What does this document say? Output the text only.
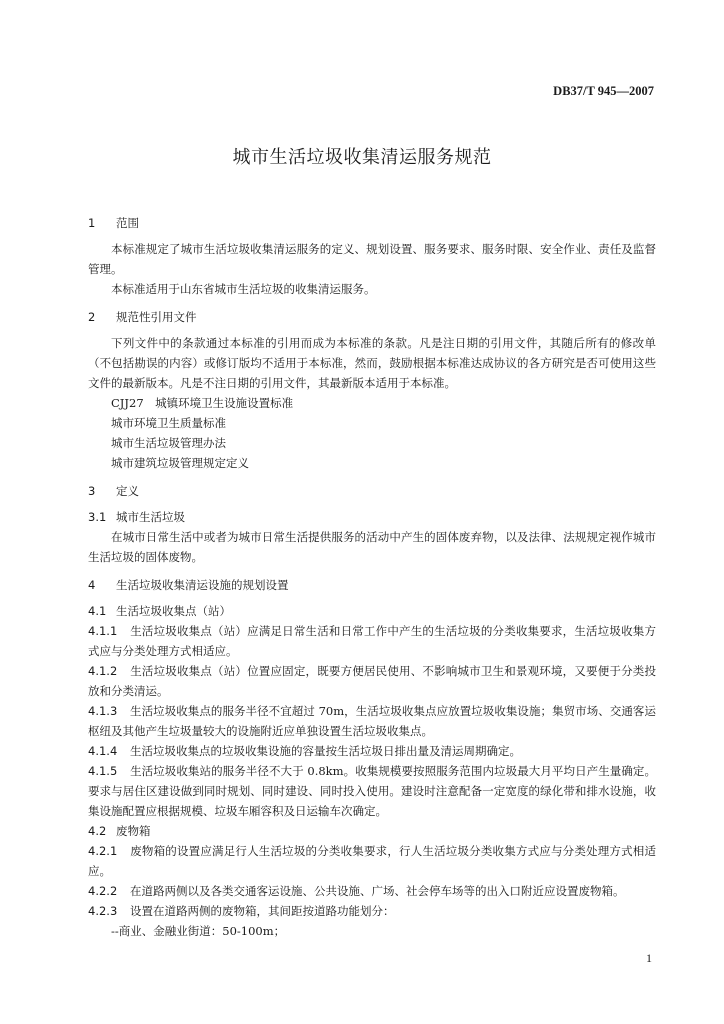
DB37/T 945—2007
城市生活垃圾收集清运服务规范
1 范围

本标准规定了城市生活垃圾收集清运服务的定义、规划设置、服务要求、服务时限、安全作业、责任及监督管理。

本标准适用于山东省城市生活垃圾的收集清运服务。

2 规范性引用文件

下列文件中的条款通过本标准的引用而成为本标准的条款。凡是注日期的引用文件，其随后所有的修改单（不包括勘误的内容）或修订版均不适用于本标准，然而，鼓励根据本标准达成协议的各方研究是否可使用这些文件的最新版本。凡是不注日期的引用文件，其最新版本适用于本标准。

CJJ27　城镇环境卫生设施设置标准

城市环境卫生质量标准

城市生活垃圾管理办法

城市建筑垃圾管理规定定义

3 定义
3.1 城市生活垃圾

在城市日常生活中或者为城市日常生活提供服务的活动中产生的固体废弃物，以及法律、法规规定视作城市生活垃圾的固体废物。

4 生活垃圾收集清运设施的规划设置
4.1 生活垃圾收集点（站）

4.1.1 生活垃圾收集点（站）应满足日常生活和日常工作中产生的生活垃圾的分类收集要求，生活垃圾收集方式应与分类处理方式相适应。

4.1.2 生活垃圾收集点（站）位置应固定，既要方便居民使用、不影响城市卫生和景观环境，又要便于分类投放和分类清运。

4.1.3 生活垃圾收集点的服务半径不宜超过 70m，生活垃圾收集点应放置垃圾收集设施；集贸市场、交通客运枢纽及其他产生垃圾量较大的设施附近应单独设置生活垃圾收集点。

4.1.4 生活垃圾收集点的垃圾收集设施的容量按生活垃圾日排出量及清运周期确定。

4.1.5 生活垃圾收集站的服务半径不大于 0.8km。收集规模要按照服务范围内垃圾最大月平均日产生量确定。要求与居住区建设做到同时规划、同时建设、同时投入使用。建设时注意配备一定宽度的绿化带和排水设施，收集设施配置应根据规模、垃圾车厢容积及日运输车次确定。

4.2 废物箱

4.2.1 废物箱的设置应满足行人生活垃圾的分类收集要求，行人生活垃圾分类收集方式应与分类处理方式相适应。

4.2.2 在道路两侧以及各类交通客运设施、公共设施、广场、社会停车场等的出入口附近应设置废物箱。

4.2.3 设置在道路两侧的废物箱，其间距按道路功能划分：

--商业、金融业街道：50-100m；

1
